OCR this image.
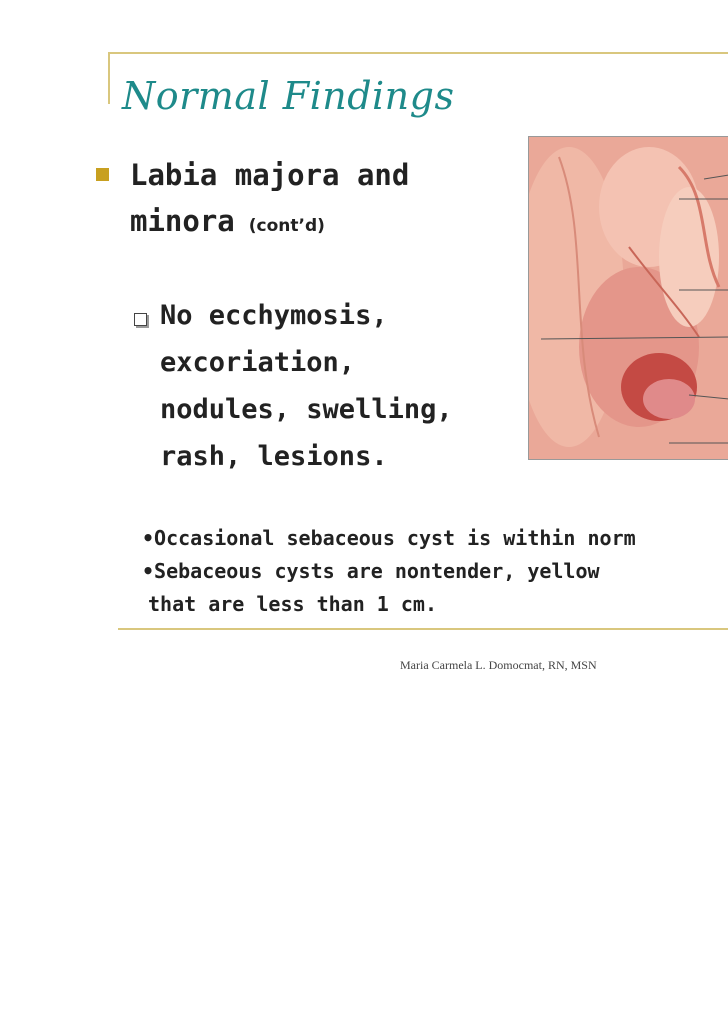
Normal Findings
Labia majora and
minora (cont’d)
No ecchymosis,
excoriation,
nodules, swelling,
rash, lesions.
•Occasional sebaceous cyst is within norm
•Sebaceous cysts are nontender, yellow
that are less than 1 cm.
Maria Carmela L. Domocmat, RN, MSN
